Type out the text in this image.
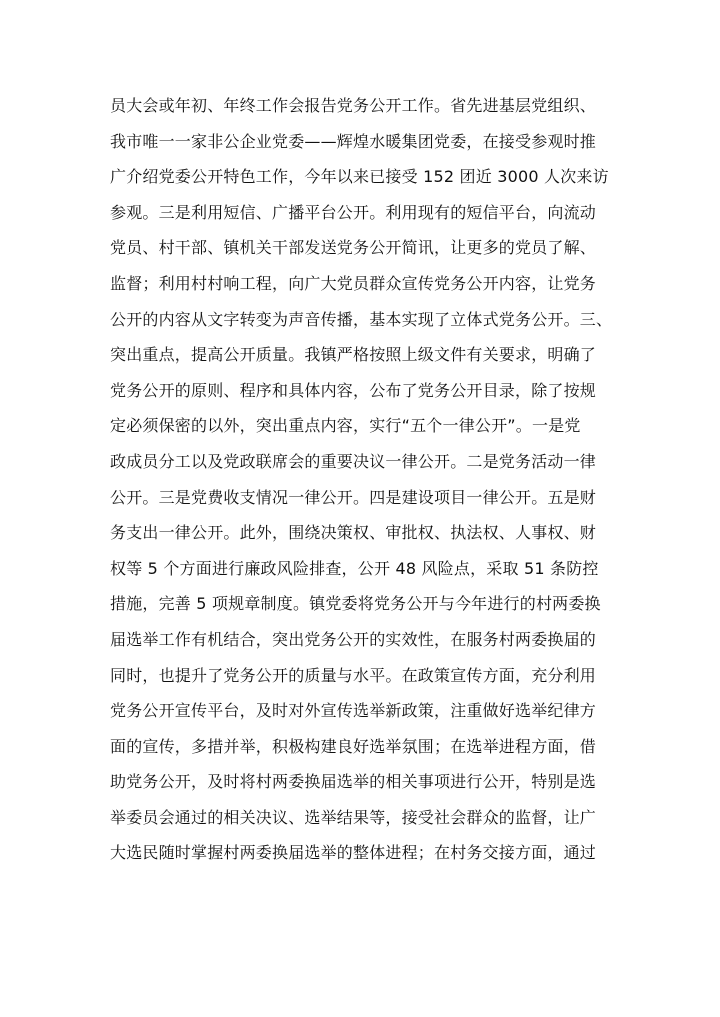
员大会或年初、年终工作会报告党务公开工作。省先进基层党组织、
我市唯一一家非公企业党委——辉煌水暖集团党委，在接受参观时推
广介绍党委公开特色工作，今年以来已接受 152 团近 3000 人次来访
参观。三是利用短信、广播平台公开。利用现有的短信平台，向流动
党员、村干部、镇机关干部发送党务公开简讯，让更多的党员了解、
监督；利用村村响工程，向广大党员群众宣传党务公开内容，让党务
公开的内容从文字转变为声音传播，基本实现了立体式党务公开。三、
突出重点，提高公开质量。我镇严格按照上级文件有关要求，明确了
党务公开的原则、程序和具体内容，公布了党务公开目录，除了按规
定必须保密的以外，突出重点内容，实行“五个一律公开”。一是党
政成员分工以及党政联席会的重要决议一律公开。二是党务活动一律
公开。三是党费收支情况一律公开。四是建设项目一律公开。五是财
务支出一律公开。此外，围绕决策权、审批权、执法权、人事权、财
权等 5 个方面进行廉政风险排查，公开 48 风险点，采取 51 条防控
措施，完善 5 项规章制度。镇党委将党务公开与今年进行的村两委换
届选举工作有机结合，突出党务公开的实效性，在服务村两委换届的
同时，也提升了党务公开的质量与水平。在政策宣传方面，充分利用
党务公开宣传平台，及时对外宣传选举新政策，注重做好选举纪律方
面的宣传，多措并举，积极构建良好选举氛围；在选举进程方面，借
助党务公开，及时将村两委换届选举的相关事项进行公开，特别是选
举委员会通过的相关决议、选举结果等，接受社会群众的监督，让广
大选民随时掌握村两委换届选举的整体进程；在村务交接方面，通过
